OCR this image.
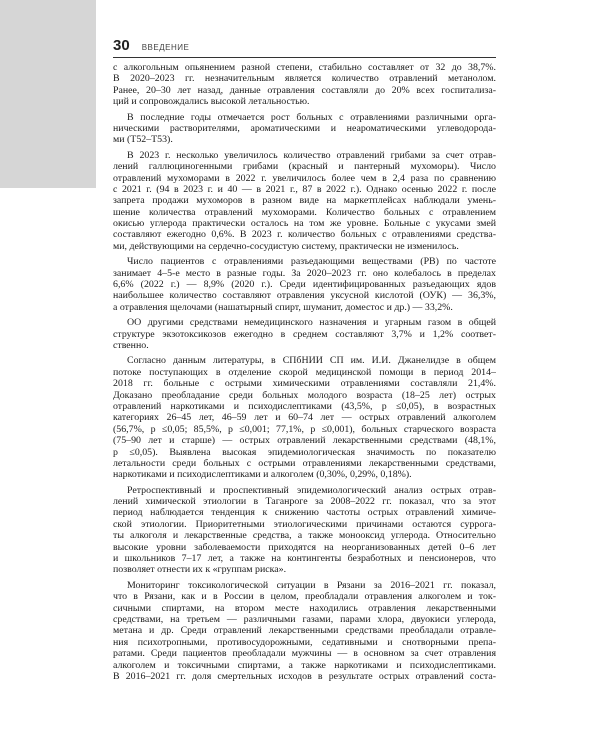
30 ВВЕДЕНИЕ
с алкогольным опьянением разной степени, стабильно составляет от 32 до 38,7%.
В 2020–2023 гг. незначительным является количество отравлений метанолом.
Ранее, 20–30 лет назад, данные отравления составляли до 20% всех госпитализа-
ций и сопровождались высокой летальностью.
В последние годы отмечается рост больных с отравлениями различными орга-
ническими растворителями, ароматическими и неароматическими углеводорода-
ми (T52–T53).
В 2023 г. несколько увеличилось количество отравлений грибами за счет отрав-
лений галлюциногенными грибами (красный и пантерный мухоморы). Число
отравлений мухоморами в 2022 г. увеличилось более чем в 2,4 раза по сравнению
с 2021 г. (94 в 2023 г. и 40 — в 2021 г., 87 в 2022 г.). Однако осенью 2022 г. после
запрета продажи мухоморов в разном виде на маркетплейсах наблюдали умень-
шение количества отравлений мухоморами. Количество больных с отравлением
окисью углерода практически осталось на том же уровне. Больные с укусами змей
составляют ежегодно 0,6%. В 2023 г. количество больных с отравлениями средства-
ми, действующими на сердечно-сосудистую систему, практически не изменилось.
Число пациентов с отравлениями разъедающими веществами (РВ) по частоте
занимает 4–5-е место в разные годы. За 2020–2023 гг. оно колебалось в пределах
6,6% (2022 г.) — 8,9% (2020 г.). Среди идентифицированных разъедающих ядов
наибольшее количество составляют отравления уксусной кислотой (ОУК) — 36,3%,
а отравления щелочами (нашатырный спирт, шуманит, доместос и др.) — 33,2%.
ОО другими средствами немедицинского назначения и угарным газом в общей
структуре экзотоксикозов ежегодно в среднем составляют 3,7% и 1,2% соответ-
ственно.
Согласно данным литературы, в СПбНИИ СП им. И.И. Джанелидзе в общем
потоке поступающих в отделение скорой медицинской помощи в период 2014–
2018 гг. больные с острыми химическими отравлениями составляли 21,4%.
Доказано преобладание среди больных молодого возраста (18–25 лет) острых
отравлений наркотиками и психодислептиками (43,5%, p ≤0,05), в возрастных
категориях 26–45 лет, 46–59 лет и 60–74 лет — острых отравлений алкоголем
(56,7%, p ≤0,05; 85,5%, p ≤0,001; 77,1%, p ≤0,001), больных старческого возраста
(75–90 лет и старше) — острых отравлений лекарственными средствами (48,1%,
p ≤0,05). Выявлена высокая эпидемиологическая значимость по показателю
летальности среди больных с острыми отравлениями лекарственными средствами,
наркотиками и психодислептиками и алкоголем (0,30%, 0,29%, 0,18%).
Ретроспективный и проспективный эпидемиологический анализ острых отрав-
лений химической этиологии в Таганроге за 2008–2022 гг. показал, что за этот
период наблюдается тенденция к снижению частоты острых отравлений химиче-
ской этиологии. Приоритетными этиологическими причинами остаются суррога-
ты алкоголя и лекарственные средства, а также монооксид углерода. Относительно
высокие уровни заболеваемости приходятся на неорганизованных детей 0–6 лет
и школьников 7–17 лет, а также на контингенты безработных и пенсионеров, что
позволяет отнести их к «группам риска».
Мониторинг токсикологической ситуации в Рязани за 2016–2021 гг. показал,
что в Рязани, как и в России в целом, преобладали отравления алкоголем и ток-
сичными спиртами, на втором месте находились отравления лекарственными
средствами, на третьем — различными газами, парами хлора, двуокиси углерода,
метана и др. Среди отравлений лекарственными средствами преобладали отравле-
ния психотропными, противосудорожными, седативными и снотворными препа-
ратами. Среди пациентов преобладали мужчины — в основном за счет отравления
алкоголем и токсичными спиртами, а также наркотиками и психодислептиками.
В 2016–2021 гг. доля смертельных исходов в результате острых отравлений соста-
